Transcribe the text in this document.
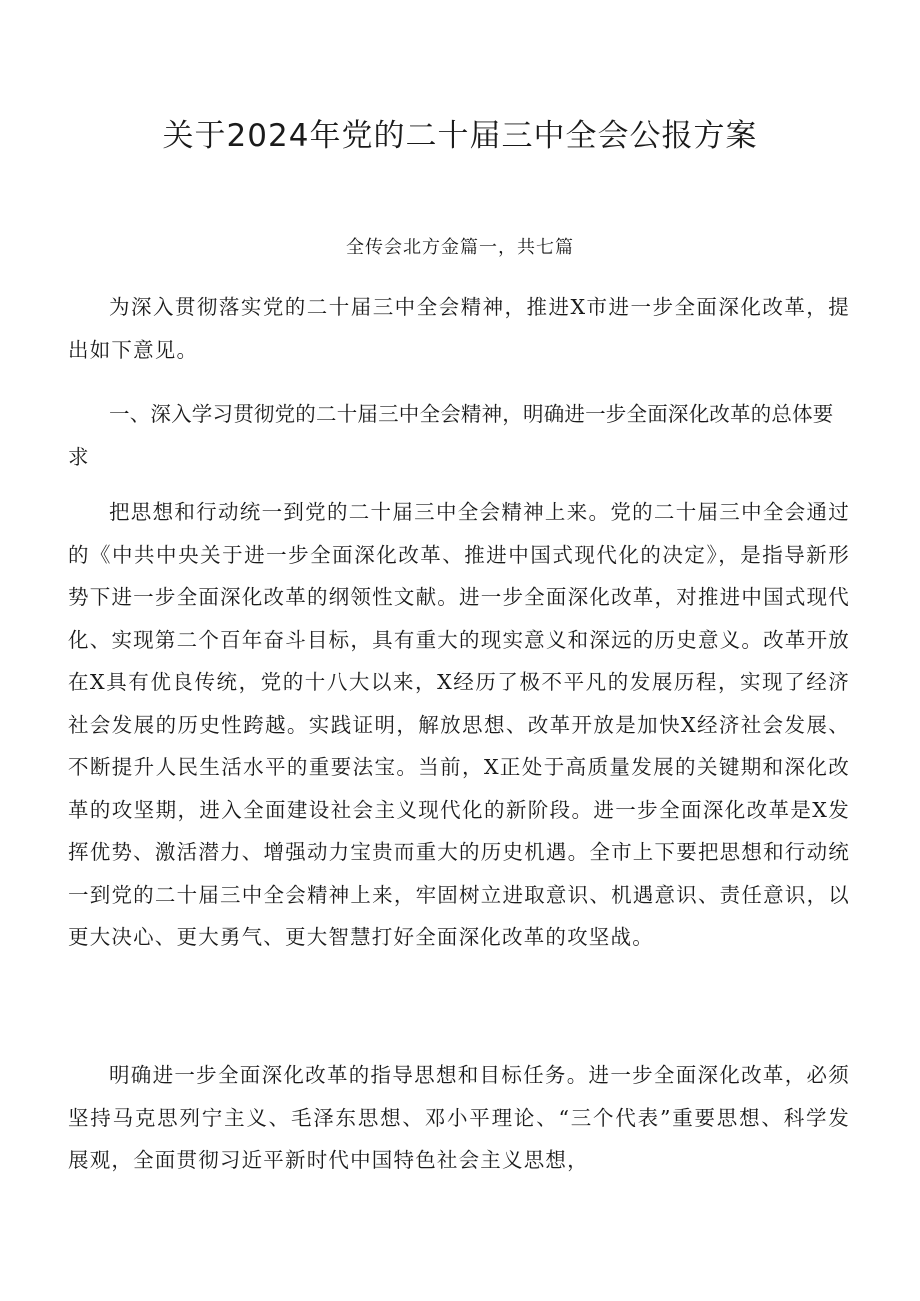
关于2024年党的二十届三中全会公报方案

全传会北方金篇一，共七篇

为深入贯彻落实党的二十届三中全会精神，推进X市进一步全面深化改革，提出如下意见。

一、深入学习贯彻党的二十届三中全会精神，明确进一步全面深化改革的总体要求

把思想和行动统一到党的二十届三中全会精神上来。党的二十届三中全会通过的《中共中央关于进一步全面深化改革、推进中国式现代化的决定》，是指导新形势下进一步全面深化改革的纲领性文献。进一步全面深化改革，对推进中国式现代化、实现第二个百年奋斗目标，具有重大的现实意义和深远的历史意义。改革开放在X具有优良传统，党的十八大以来，X经历了极不平凡的发展历程，实现了经济社会发展的历史性跨越。实践证明，解放思想、改革开放是加快X经济社会发展、不断提升人民生活水平的重要法宝。当前，X正处于高质量发展的关键期和深化改革的攻坚期，进入全面建设社会主义现代化的新阶段。进一步全面深化改革是X发挥优势、激活潜力、增强动力宝贵而重大的历史机遇。全市上下要把思想和行动统一到党的二十届三中全会精神上来，牢固树立进取意识、机遇意识、责任意识，以更大决心、更大勇气、更大智慧打好全面深化改革的攻坚战。

明确进一步全面深化改革的指导思想和目标任务。进一步全面深化改革，必须坚持马克思列宁主义、毛泽东思想、邓小平理论、“三个代表”重要思想、科学发展观，全面贯彻习近平新时代中国特色社会主义思想，
